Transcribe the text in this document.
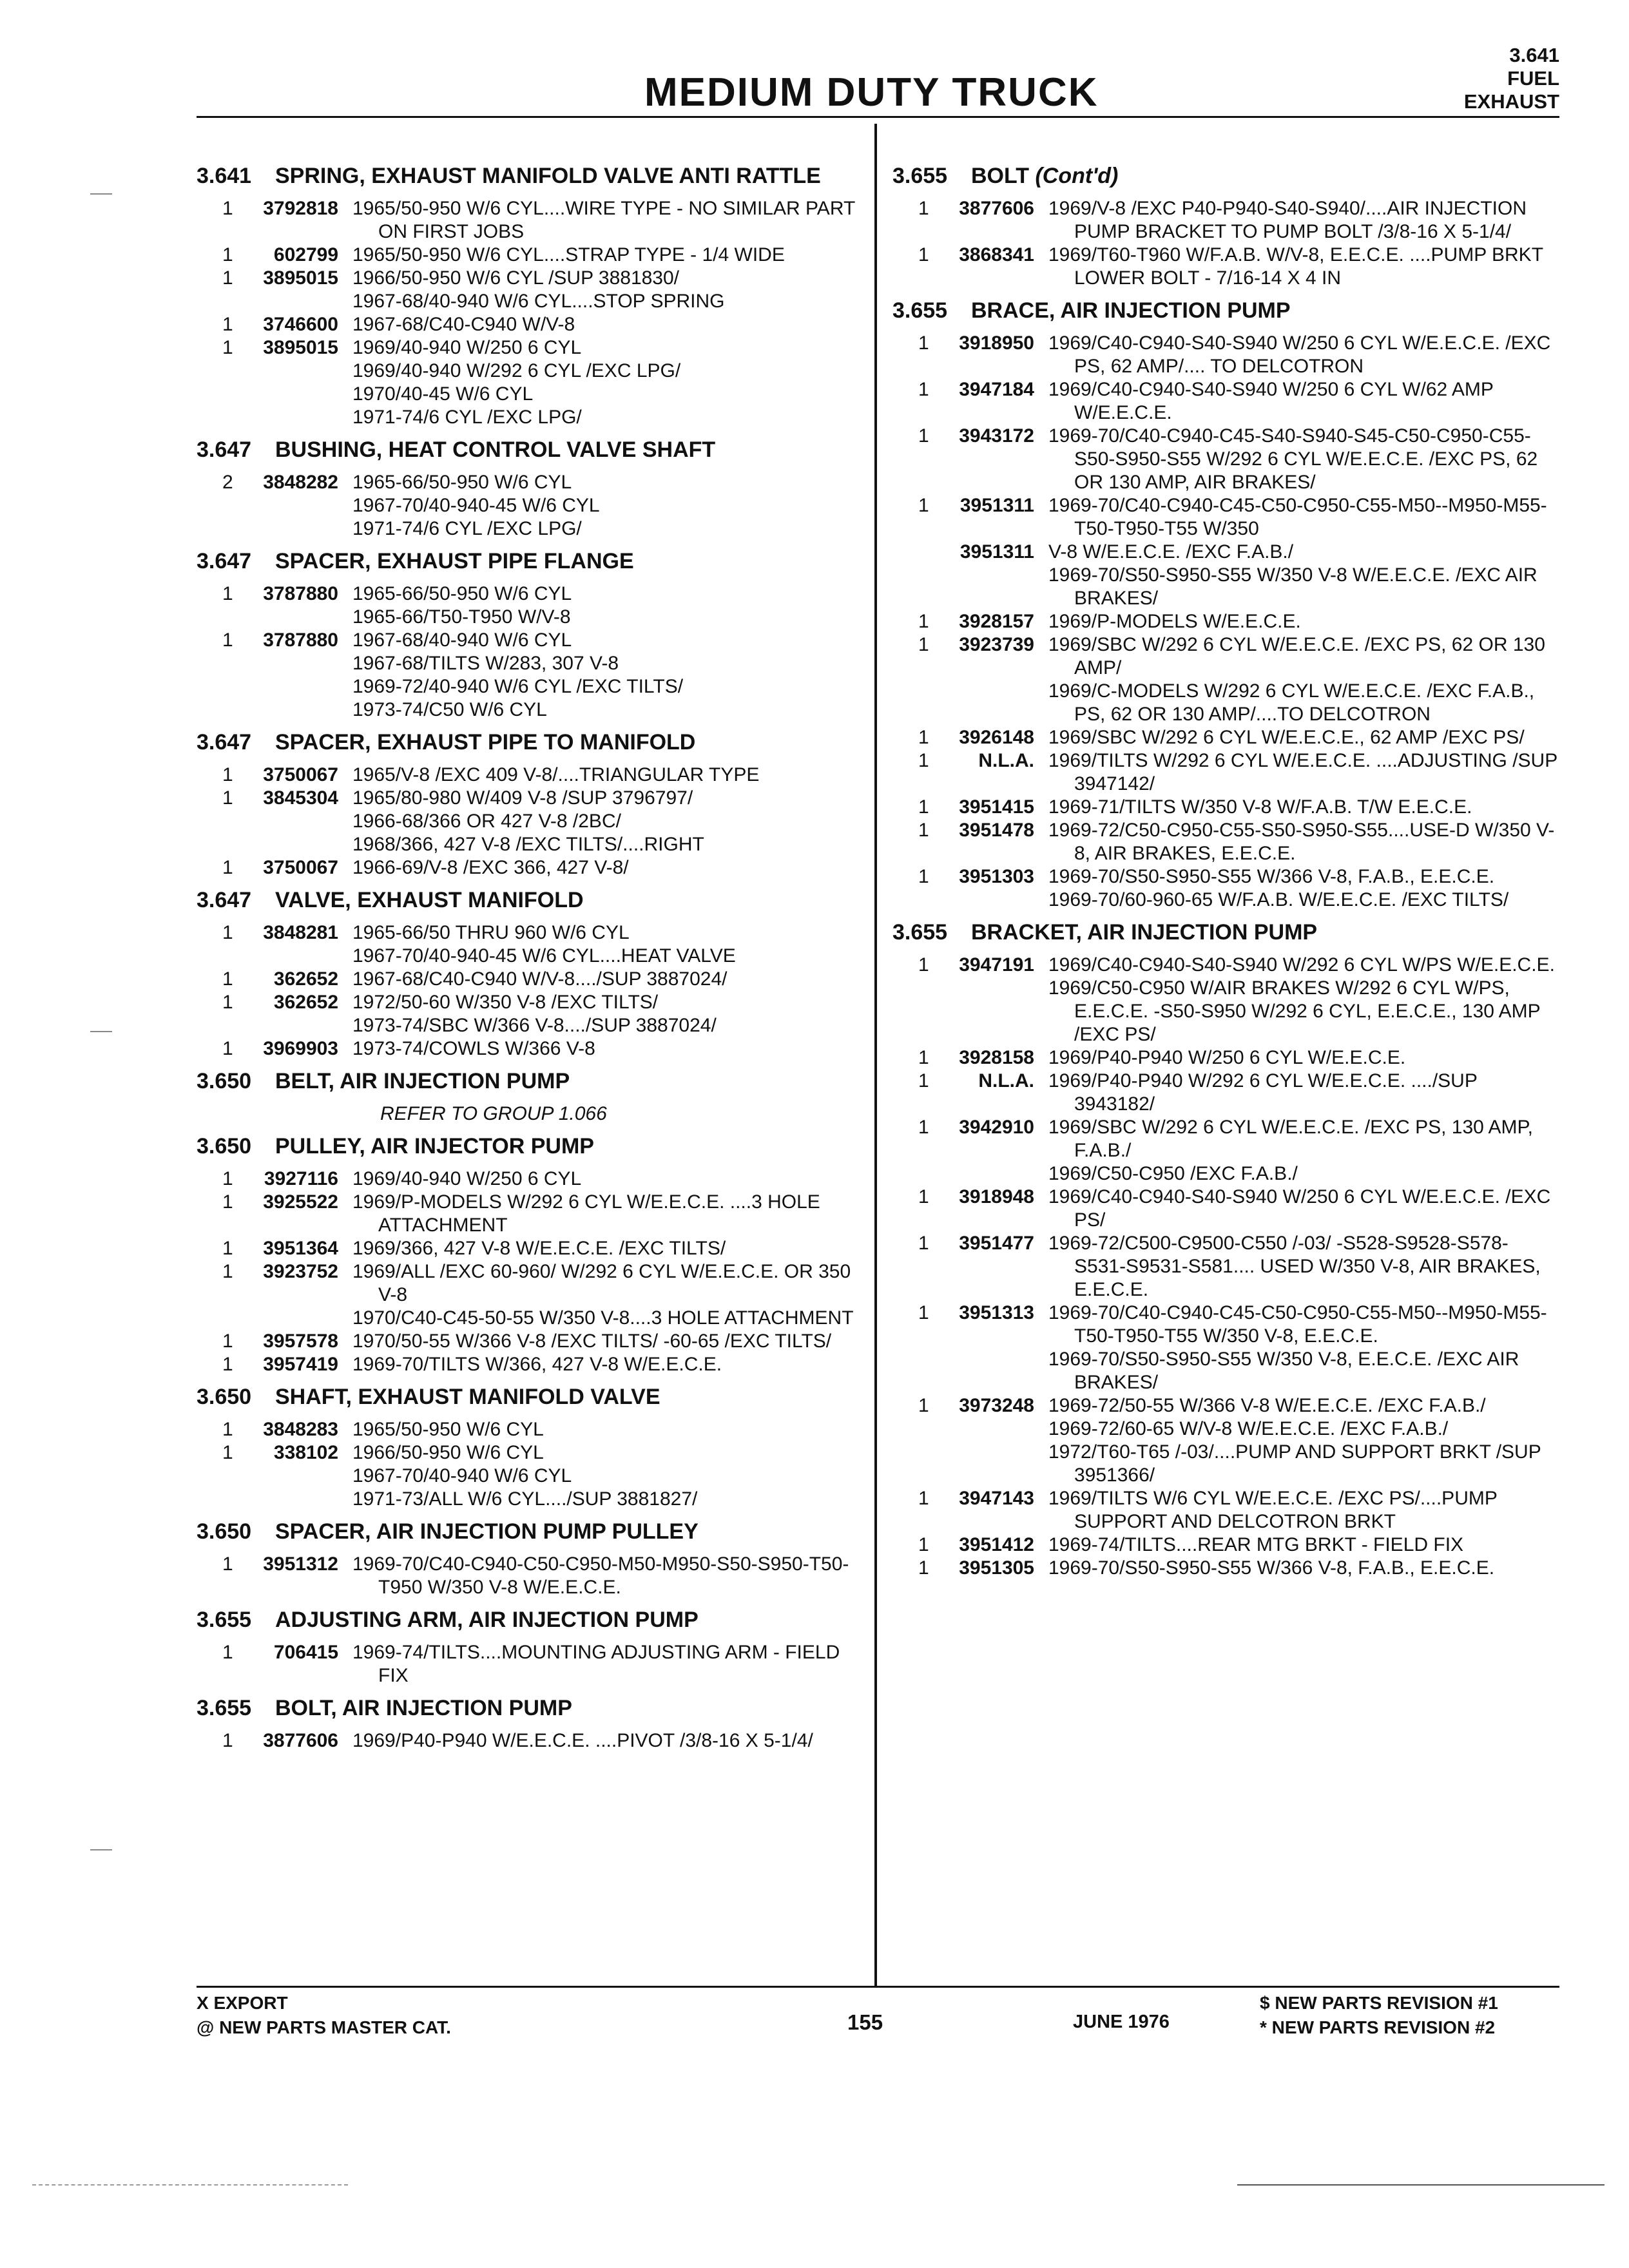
MEDIUM DUTY TRUCK
3.641
FUEL
EXHAUST
3.641	SPRING, EXHAUST MANIFOLD VALVE ANTI RATTLE
1	3792818 1965/50-950 W/6 CYL....WIRE TYPE - NO SIMILAR PART ON FIRST JOBS
1	602799 1965/50-950 W/6 CYL....STRAP TYPE - 1/4 WIDE
1	3895015 1966/50-950 W/6 CYL /SUP 3881830/
1967-68/40-940 W/6 CYL....STOP SPRING
1	3746600 1967-68/C40-C940 W/V-8
1	3895015 1969/40-940 W/250 6 CYL
1969/40-940 W/292 6 CYL /EXC LPG/
1970/40-45 W/6 CYL
1971-74/6 CYL /EXC LPG/
3.647	BUSHING, HEAT CONTROL VALVE SHAFT
2	3848282 1965-66/50-950 W/6 CYL
1967-70/40-940-45 W/6 CYL
1971-74/6 CYL /EXC LPG/
3.647	SPACER, EXHAUST PIPE FLANGE
1	3787880 1965-66/50-950 W/6 CYL
1965-66/T50-T950 W/V-8
1	3787880 1967-68/40-940 W/6 CYL
1967-68/TILTS W/283, 307 V-8
1969-72/40-940 W/6 CYL /EXC TILTS/
1973-74/C50 W/6 CYL
3.647	SPACER, EXHAUST PIPE TO MANIFOLD
1	3750067 1965/V-8 /EXC 409 V-8/....TRIANGULAR TYPE
1	3845304 1965/80-980 W/409 V-8 /SUP 3796797/
1966-68/366 OR 427 V-8 /2BC/
1968/366, 427 V-8 /EXC TILTS/....RIGHT
1	3750067 1966-69/V-8 /EXC 366, 427 V-8/
3.647	VALVE, EXHAUST MANIFOLD
1	3848281 1965-66/50 THRU 960 W/6 CYL
1967-70/40-940-45 W/6 CYL....HEAT VALVE
1	362652 1967-68/C40-C940 W/V-8..../SUP 3887024/
1	362652 1972/50-60 W/350 V-8 /EXC TILTS/
1973-74/SBC W/366 V-8..../SUP 3887024/
1	3969903 1973-74/COWLS W/366 V-8
3.650	BELT, AIR INJECTION PUMP
REFER TO GROUP 1.066
3.650	PULLEY, AIR INJECTOR PUMP
1	3927116 1969/40-940 W/250 6 CYL
1	3925522 1969/P-MODELS W/292 6 CYL W/E.E.C.E. ....3 HOLE ATTACHMENT
1	3951364 1969/366, 427 V-8 W/E.E.C.E. /EXC TILTS/
1	3923752 1969/ALL /EXC 60-960/ W/292 6 CYL W/E.E.C.E. OR 350 V-8
1970/C40-C45-50-55 W/350 V-8....3 HOLE ATTACHMENT
1	3957578 1970/50-55 W/366 V-8 /EXC TILTS/ -60-65 /EXC TILTS/
1	3957419 1969-70/TILTS W/366, 427 V-8 W/E.E.C.E.
3.650	SHAFT, EXHAUST MANIFOLD VALVE
1	3848283 1965/50-950 W/6 CYL
1	338102 1966/50-950 W/6 CYL
1967-70/40-940 W/6 CYL
1971-73/ALL W/6 CYL..../SUP 3881827/
3.650	SPACER, AIR INJECTION PUMP PULLEY
1	3951312 1969-70/C40-C940-C50-C950-M50-M950-S50-S950-T50-T950 W/350 V-8 W/E.E.C.E.
3.655	ADJUSTING ARM, AIR INJECTION PUMP
1	706415 1969-74/TILTS....MOUNTING ADJUSTING ARM - FIELD FIX
3.655	BOLT, AIR INJECTION PUMP
1	3877606 1969/P40-P940 W/E.E.C.E. ....PIVOT /3/8-16 X 5-1/4/
3.655	BOLT (Cont'd)
1	3877606 1969/V-8 /EXC P40-P940-S40-S940/....AIR INJECTION PUMP BRACKET TO PUMP BOLT /3/8-16 X 5-1/4/
1	3868341 1969/T60-T960 W/F.A.B. W/V-8, E.E.C.E. ....PUMP BRKT LOWER BOLT - 7/16-14 X 4 IN
3.655	BRACE, AIR INJECTION PUMP
1	3918950 1969/C40-C940-S40-S940 W/250 6 CYL W/E.E.C.E. /EXC PS, 62 AMP/.... TO DELCOTRON
1	3947184 1969/C40-C940-S40-S940 W/250 6 CYL W/62 AMP W/E.E.C.E.
1	3943172 1969-70/C40-C940-C45-S40-S940-S45-C50-C950-C55-S50-S950-S55 W/292 6 CYL W/E.E.C.E. /EXC PS, 62 OR 130 AMP, AIR BRAKES/
1	3951311 1969-70/C40-C940-C45-C50-C950-C55-M50--M950-M55-T50-T950-T55 W/350
3951311 V-8 W/E.E.C.E. /EXC F.A.B./
1969-70/S50-S950-S55 W/350 V-8 W/E.E.C.E. /EXC AIR BRAKES/
1	3928157 1969/P-MODELS W/E.E.C.E.
1	3923739 1969/SBC W/292 6 CYL W/E.E.C.E. /EXC PS, 62 OR 130 AMP/
1969/C-MODELS W/292 6 CYL W/E.E.C.E. /EXC F.A.B., PS, 62 OR 130 AMP/....TO DELCOTRON
1	3926148 1969/SBC W/292 6 CYL W/E.E.C.E., 62 AMP /EXC PS/
1	N.L.A. 1969/TILTS W/292 6 CYL W/E.E.C.E. ....ADJUSTING /SUP 3947142/
1	3951415 1969-71/TILTS W/350 V-8 W/F.A.B. T/W E.E.C.E.
1	3951478 1969-72/C50-C950-C55-S50-S950-S55....USE-D W/350 V-8, AIR BRAKES, E.E.C.E.
1	3951303 1969-70/S50-S950-S55 W/366 V-8, F.A.B., E.E.C.E.
1969-70/60-960-65 W/F.A.B. W/E.E.C.E. /EXC TILTS/
3.655	BRACKET, AIR INJECTION PUMP
1	3947191 1969/C40-C940-S40-S940 W/292 6 CYL W/PS W/E.E.C.E.
1969/C50-C950 W/AIR BRAKES W/292 6 CYL W/PS, E.E.C.E. -S50-S950 W/292 6 CYL, E.E.C.E., 130 AMP /EXC PS/
1	3928158 1969/P40-P940 W/250 6 CYL W/E.E.C.E.
1	N.L.A. 1969/P40-P940 W/292 6 CYL W/E.E.C.E. ..../SUP 3943182/
1	3942910 1969/SBC W/292 6 CYL W/E.E.C.E. /EXC PS, 130 AMP, F.A.B./
1969/C50-C950 /EXC F.A.B./
1	3918948 1969/C40-C940-S40-S940 W/250 6 CYL W/E.E.C.E. /EXC PS/
1	3951477 1969-72/C500-C9500-C550 /-03/ -S528-S9528-S578-S531-S9531-S581.... USED W/350 V-8, AIR BRAKES, E.E.C.E.
1	3951313 1969-70/C40-C940-C45-C50-C950-C55-M50--M950-M55-T50-T950-T55 W/350 V-8, E.E.C.E.
1969-70/S50-S950-S55 W/350 V-8, E.E.C.E. /EXC AIR BRAKES/
1	3973248 1969-72/50-55 W/366 V-8 W/E.E.C.E. /EXC F.A.B./
1969-72/60-65 W/V-8 W/E.E.C.E. /EXC F.A.B./
1972/T60-T65 /-03/....PUMP AND SUPPORT BRKT /SUP 3951366/
1	3947143 1969/TILTS W/6 CYL W/E.E.C.E. /EXC PS/....PUMP SUPPORT AND DELCOTRON BRKT
1	3951412 1969-74/TILTS....REAR MTG BRKT - FIELD FIX
1	3951305 1969-70/S50-S950-S55 W/366 V-8, F.A.B., E.E.C.E.
X EXPORT
@ NEW PARTS MASTER CAT.	155	JUNE 1976
$ NEW PARTS REVISION #1
* NEW PARTS REVISION #2
